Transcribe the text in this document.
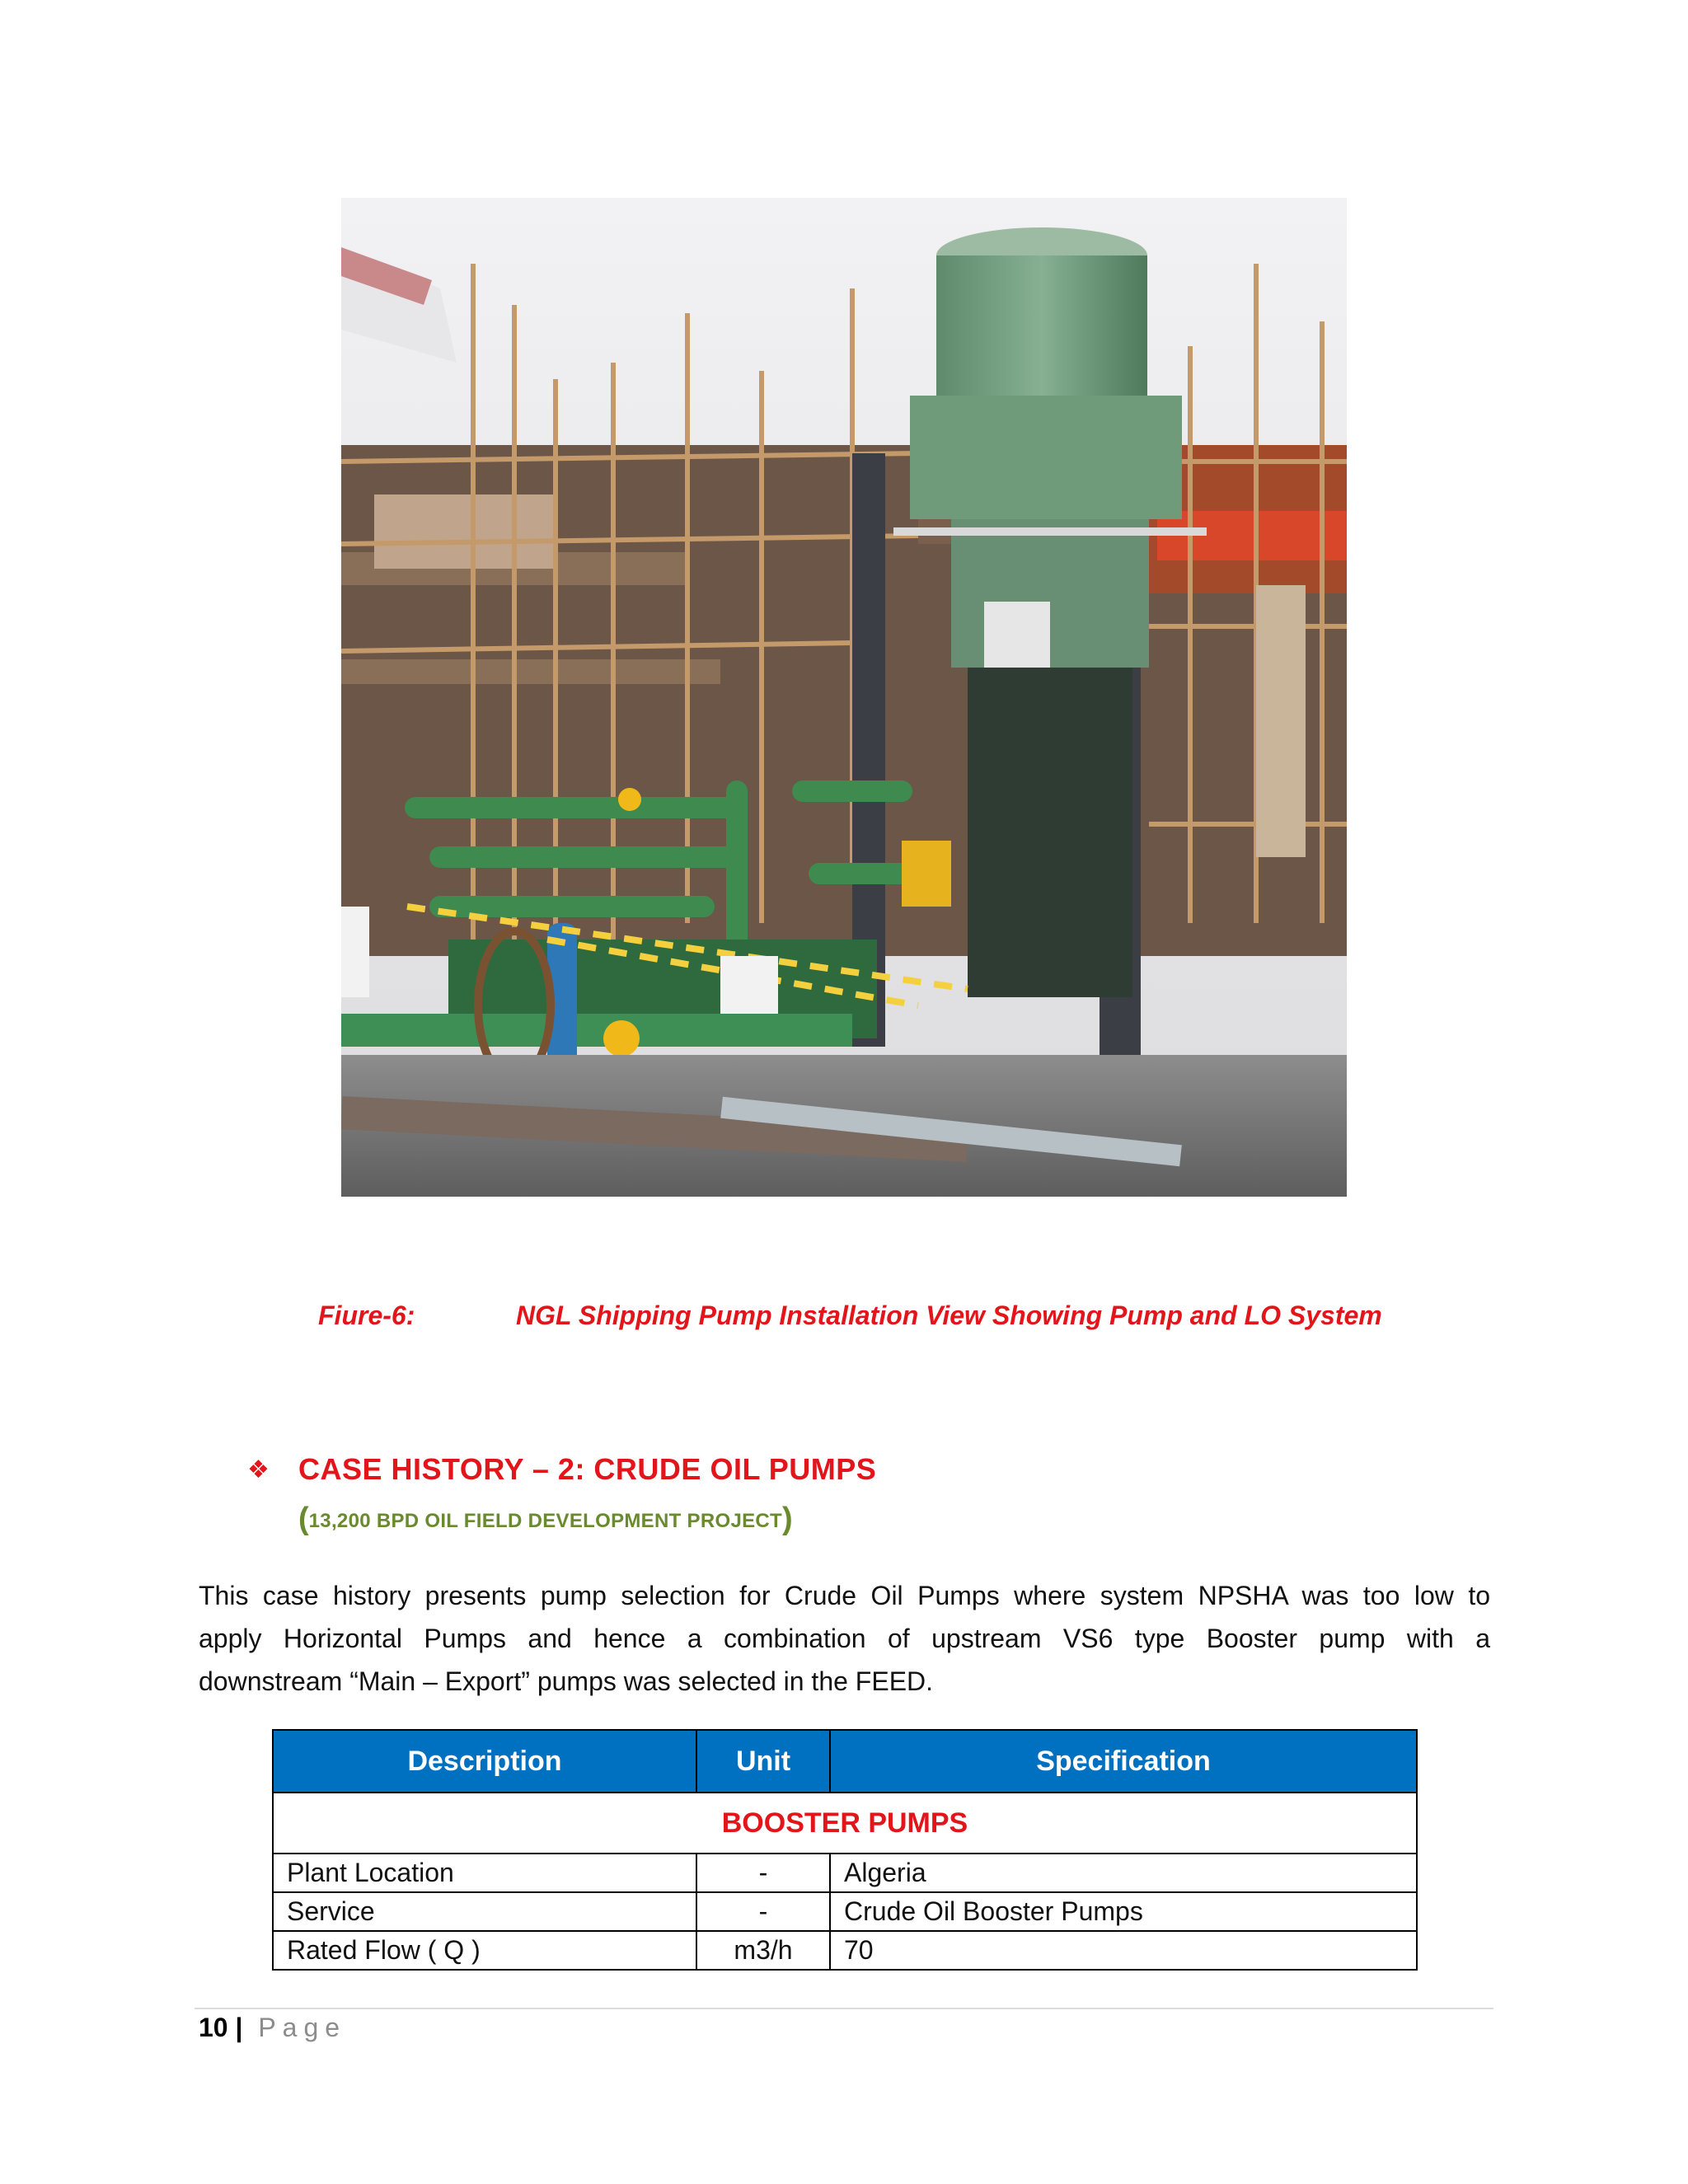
Fiure-6:	NGL Shipping Pump Installation View Showing Pump and LO System
❖ CASE HISTORY – 2: CRUDE OIL PUMPS
(13,200 BPD OIL FIELD DEVELOPMENT PROJECT)
This case history presents pump selection for Crude Oil Pumps where system NPSHA was too low to
apply Horizontal Pumps and hence a combination of upstream VS6 type Booster pump with a
downstream “Main – Export” pumps was selected in the FEED.
Description	Unit	Specification
BOOSTER PUMPS		
Plant Location	-	Algeria
Service	-	Crude Oil Booster Pumps
Rated Flow ( Q )	m3/h	70
10 | Page
